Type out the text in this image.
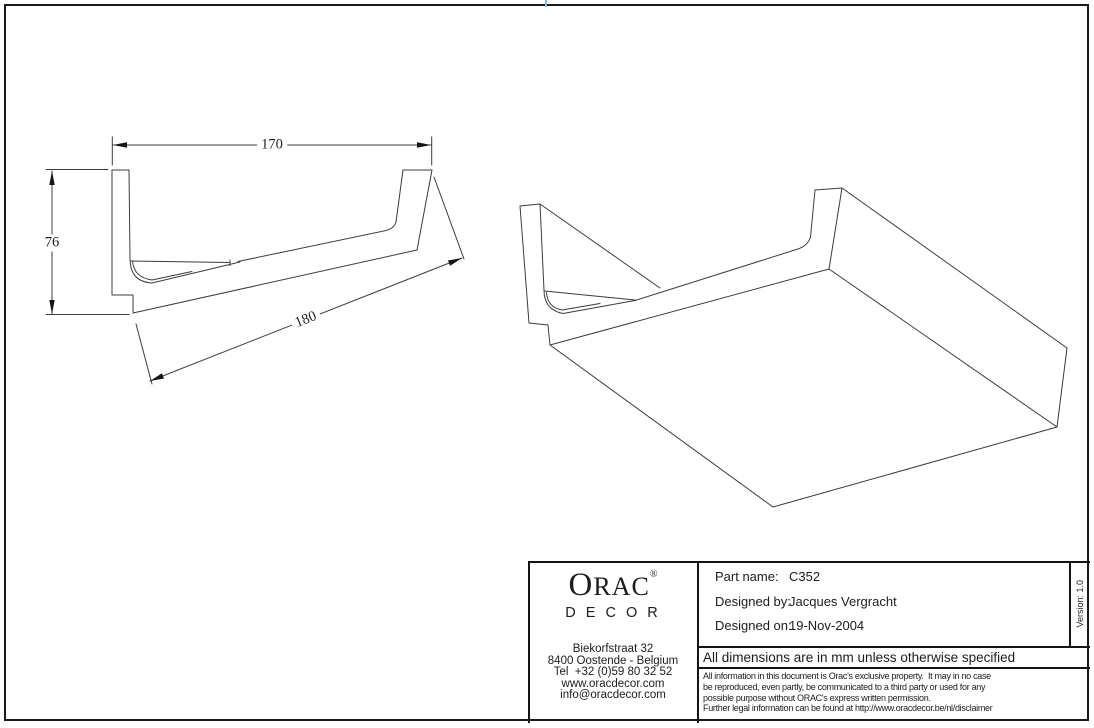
170
76
180
ORAC®
D E C O R
Biekorfstraat 32
8400 Oostende - Belgium
Tel  +32 (0)59 80 32 52
www.oracdecor.com
info@oracdecor.com
Part name: C352
Designed by:
Jacques Vergracht
Designed on:
19-Nov-2004	Version: 1.0
All dimensions are in mm unless otherwise specified
All information in this document is Orac's exclusive property.  It may in no case
be reproduced, even partly, be communicated to a third party or used for any
possible purpose without ORAC's express written permission.
Further legal information can be found at http://www.oracdecor.be/nl/disclaimer
